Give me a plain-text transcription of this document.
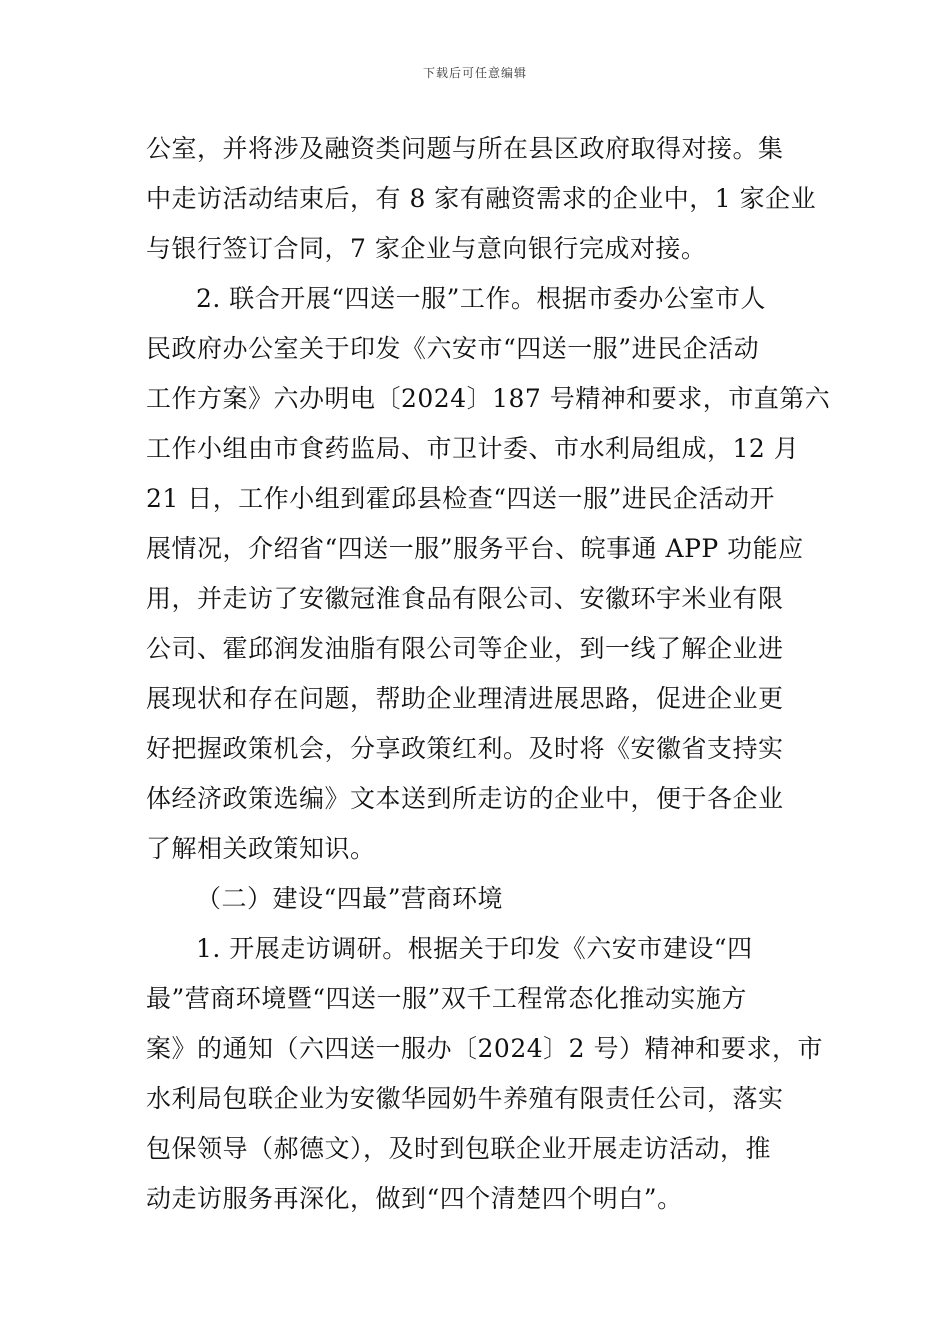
下载后可任意编辑
公室，并将涉及融资类问题与所在县区政府取得对接。集
中走访活动结束后，有 8 家有融资需求的企业中，1 家企业
与银行签订合同，7 家企业与意向银行完成对接。
2. 联合开展“四送一服”工作。根据市委办公室市人
民政府办公室关于印发《六安市“四送一服”进民企活动
工作方案》六办明电〔2024〕187 号精神和要求，市直第六
工作小组由市食药监局、市卫计委、市水利局组成，12 月
21 日，工作小组到霍邱县检查“四送一服”进民企活动开
展情况，介绍省“四送一服”服务平台、皖事通 APP 功能应
用，并走访了安徽冠淮食品有限公司、安徽环宇米业有限
公司、霍邱润发油脂有限公司等企业，到一线了解企业进
展现状和存在问题，帮助企业理清进展思路，促进企业更
好把握政策机会，分享政策红利。及时将《安徽省支持实
体经济政策选编》文本送到所走访的企业中，便于各企业
了解相关政策知识。
（二）建设“四最”营商环境
1. 开展走访调研。根据关于印发《六安市建设“四
最”营商环境暨“四送一服”双千工程常态化推动实施方
案》的通知（六四送一服办〔2024〕2 号）精神和要求，市
水利局包联企业为安徽华园奶牛养殖有限责任公司，落实
包保领导（郝德文），及时到包联企业开展走访活动，推
动走访服务再深化，做到“四个清楚四个明白”。
